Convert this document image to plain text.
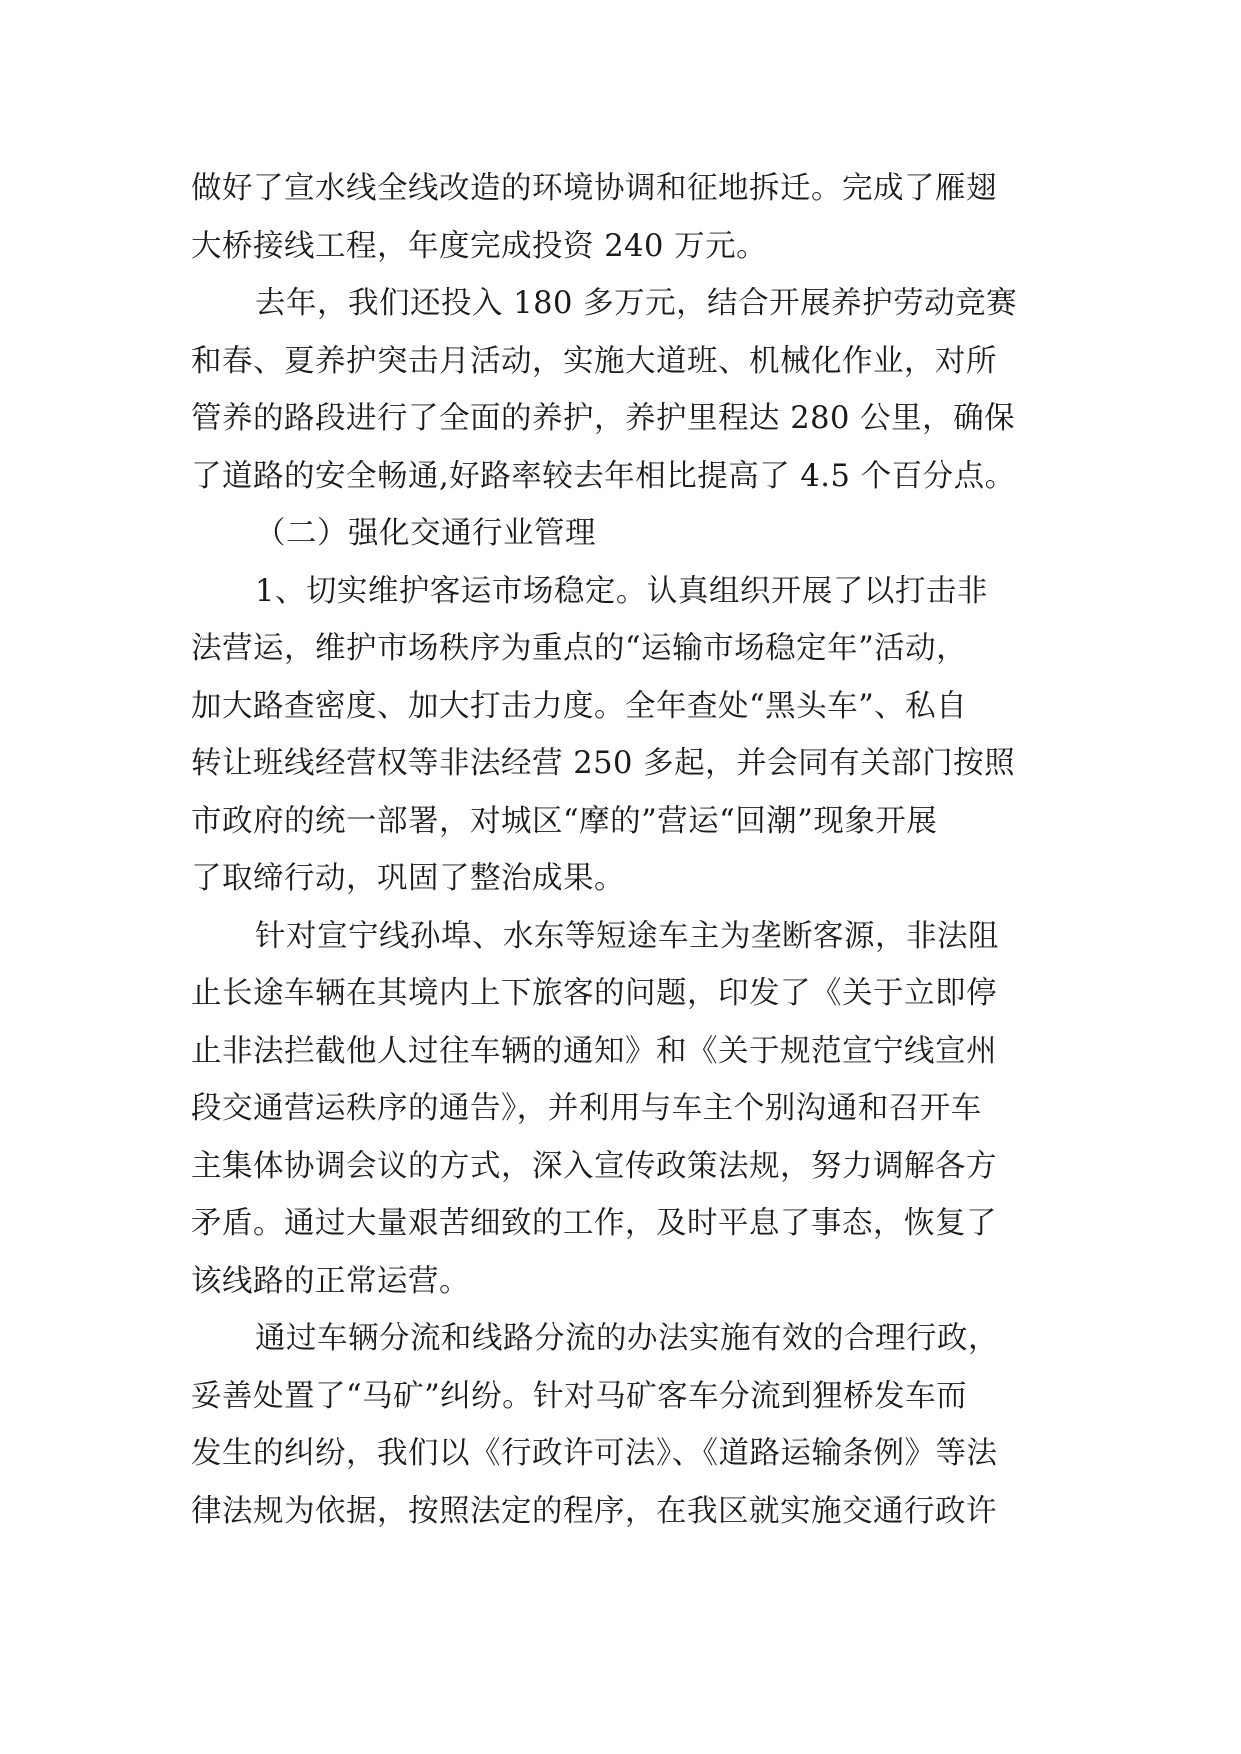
做好了宣水线全线改造的环境协调和征地拆迁。完成了雁翅
大桥接线工程，年度完成投资 240 万元。
去年，我们还投入 180 多万元，结合开展养护劳动竞赛
和春、夏养护突击月活动，实施大道班、机械化作业，对所
管养的路段进行了全面的养护，养护里程达 280 公里，确保
了道路的安全畅通,好路率较去年相比提高了 4.5 个百分点。
（二）强化交通行业管理
1、切实维护客运市场稳定。认真组织开展了以打击非
法营运，维护市场秩序为重点的“运输市场稳定年”活动，
加大路查密度、加大打击力度。全年查处“黑头车”、私自
转让班线经营权等非法经营 250 多起，并会同有关部门按照
市政府的统一部署，对城区“摩的”营运“回潮”现象开展
了取缔行动，巩固了整治成果。
针对宣宁线孙埠、水东等短途车主为垄断客源，非法阻
止长途车辆在其境内上下旅客的问题，印发了《关于立即停
止非法拦截他人过往车辆的通知》和《关于规范宣宁线宣州
段交通营运秩序的通告》，并利用与车主个别沟通和召开车
主集体协调会议的方式，深入宣传政策法规，努力调解各方
矛盾。通过大量艰苦细致的工作，及时平息了事态，恢复了
该线路的正常运营。
通过车辆分流和线路分流的办法实施有效的合理行政，
妥善处置了“马矿”纠纷。针对马矿客车分流到狸桥发车而
发生的纠纷，我们以《行政许可法》、《道路运输条例》等法
律法规为依据，按照法定的程序，在我区就实施交通行政许
